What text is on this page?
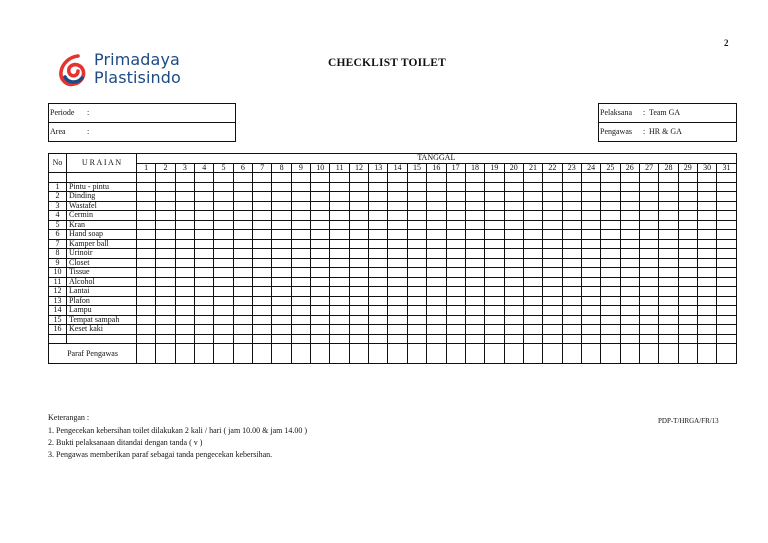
2
Primadaya
Plastisindo
CHECKLIST TOILET
Periode :
Area	:
Pelaksana : Team GA
Pengawas : HR & GA
No	U R A I A N	TANGGAL																														
		1	2	3	4	5	6	7	8	9	10	11	12	13	14	15	16	17	18	19	20	21	22	23	24	25	26	27	28	29	30	31

1	Pintu - pintu																															
2	Dinding																															
3	Wastafel																															
4	Cermin																															
5	Kran																															
6	Hand soap																															
7	Kamper ball																															
8	Urinoir																															
9	Closet																															
10	Tissue																															
11	Alcohol																															
12	Lantai																															
13	Plafon																															
14	Lampu																															
15	Tempat sampah																															
16	Keset kaki																															

Paraf Pengawas																																
Keterangan :
1. Pengecekan kebersihan toilet dilakukan 2 kali / hari ( jam 10.00 & jam 14.00 )
2. Bukti pelaksanaan ditandai dengan tanda ( v )
3. Pengawas memberikan paraf sebagai tanda pengecekan kebersihan.
PDP-T/HRGA/FR/13
